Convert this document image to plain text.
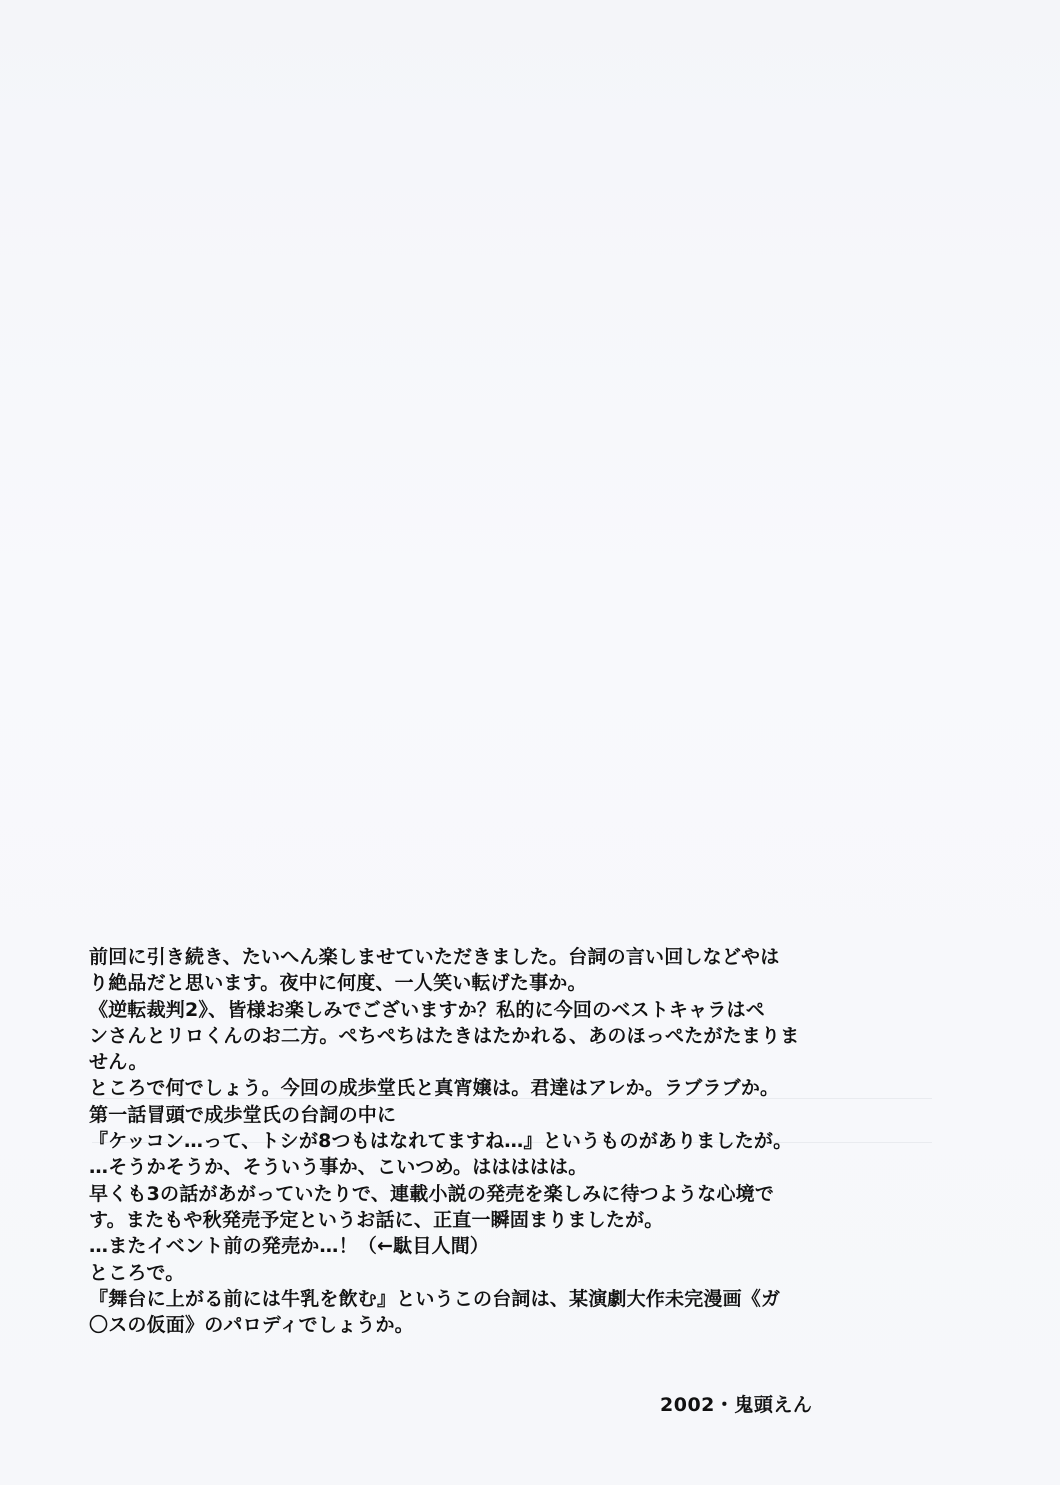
前回に引き続き、たいへん楽しませていただきました。台詞の言い回しなどやは
り絶品だと思います。夜中に何度、一人笑い転げた事か。
《逆転裁判2》、皆様お楽しみでございますか？私的に今回のベストキャラはペ
ンさんとリロくんのお二方。ぺちぺちはたきはたかれる、あのほっぺたがたまりま
せん。
ところで何でしょう。今回の成歩堂氏と真宵嬢は。君達はアレか。ラブラブか。
第一話冒頭で成歩堂氏の台詞の中に
『ケッコン…って、トシが8つもはなれてますね…』というものがありましたが。
…そうかそうか、そういう事か、こいつめ。ははははは。
早くも3の話があがっていたりで、連載小説の発売を楽しみに待つような心境で
す。またもや秋発売予定というお話に、正直一瞬固まりましたが。
…またイベント前の発売か…！（←駄目人間）
ところで。
『舞台に上がる前には牛乳を飲む』というこの台詞は、某演劇大作未完漫画《ガ
〇スの仮面》のパロディでしょうか。
2002・鬼頭えん
